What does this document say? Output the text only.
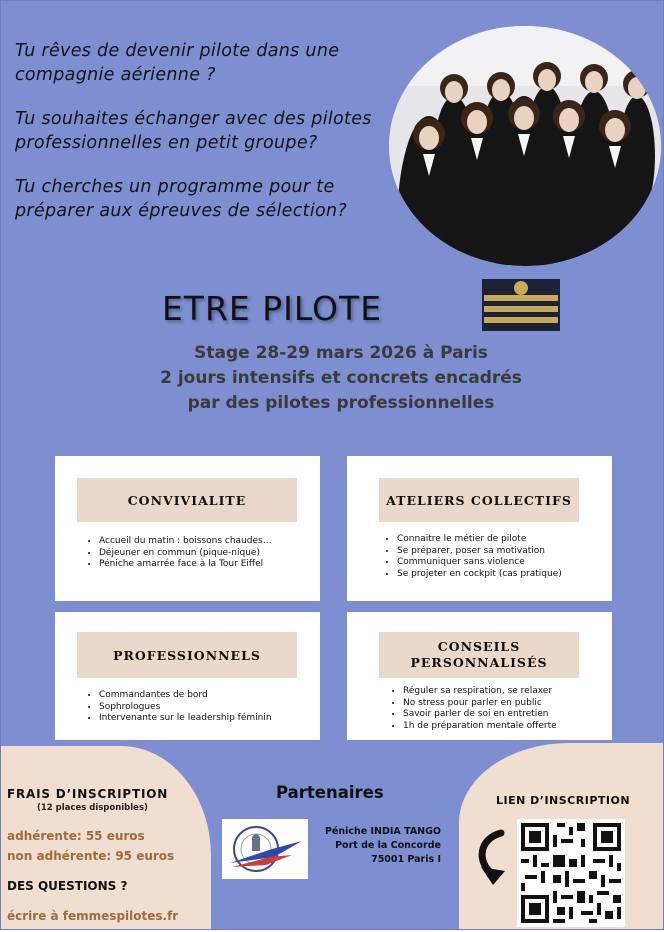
Tu rêves de devenir pilote dans une compagnie aérienne ?

Tu souhaites échanger avec des pilotes professionnelles en petit groupe?

Tu cherches un programme pour te préparer aux épreuves de sélection?

ETRE PILOTE
Stage 28-29 mars 2026 à Paris
2 jours intensifs et concrets encadrés
par des pilotes professionnelles
CONVIVIALITE
• Accueil du matin : boissons chaudes…
• Déjeuner en commun (pique-nique)
• Péniche amarrée face à la Tour Eiffel
ATELIERS COLLECTIFS
• Connaitre le métier de pilote
• Se préparer, poser sa motivation
• Communiquer sans violence
• Se projeter en cockpit (cas pratique)
PROFESSIONNELS
• Commandantes de bord
• Sophrologues
• Intervenante sur le leadership féminin
CONSEILS
PERSONNALISÉS
• Réguler sa respiration, se relaxer
• No stress pour parler en public
• Savoir parler de soi en entretien
• 1h de préparation mentale offerte
FRAIS D’INSCRIPTION
(12 places disponibles)
adhérente: 55 euros
non adhérente: 95 euros
DES QUESTIONS ?
écrire à femmespilotes.fr
Partenaires
Péniche INDIA TANGO
Port de la Concorde
75001 Paris I
LIEN D’INSCRIPTION
